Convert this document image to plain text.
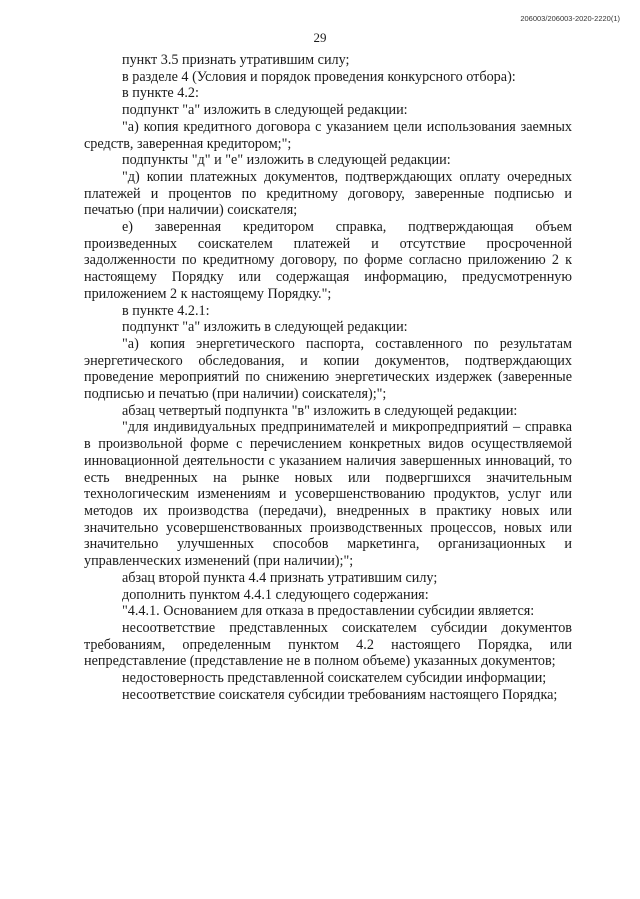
206003/206003-2020-2220(1)
29

пункт 3.5 признать утратившим силу;

в разделе 4 (Условия и порядок проведения конкурсного отбора):

в пункте 4.2:

подпункт "а" изложить в следующей редакции:

"а) копия кредитного договора с указанием цели использования заемных средств, заверенная кредитором;";

подпункты "д" и "е" изложить в следующей редакции:

"д) копии платежных документов, подтверждающих оплату очередных платежей и процентов по кредитному договору, заверенные подписью и печатью (при наличии) соискателя;

е) заверенная кредитором справка, подтверждающая объем произведенных соискателем платежей и отсутствие просроченной задолженности по кредитному договору, по форме согласно приложению 2 к настоящему Порядку или содержащая информацию, предусмотренную приложением 2 к настоящему Порядку.";

в пункте 4.2.1:

подпункт "а" изложить в следующей редакции:

"а) копия энергетического паспорта, составленного по результатам энергетического обследования, и копии документов, подтверждающих проведение мероприятий по снижению энергетических издержек (заверенные подписью и печатью (при наличии) соискателя);";

абзац четвертый подпункта "в" изложить в следующей редакции:

"для индивидуальных предпринимателей и микропредприятий – справка в произвольной форме с перечислением конкретных видов осуществляемой инновационной деятельности с указанием наличия завершенных инноваций, то есть внедренных на рынке новых или подвергшихся значительным технологическим изменениям и усовершенствованию продуктов, услуг или методов их производства (передачи), внедренных в практику новых или значительно усовершенствованных производственных процессов, новых или значительно улучшенных способов маркетинга, организационных и управленческих изменений (при наличии);";

абзац второй пункта 4.4 признать утратившим силу;

дополнить пунктом 4.4.1 следующего содержания:

"4.4.1. Основанием для отказа в предоставлении субсидии является:

несоответствие представленных соискателем субсидии документов требованиям, определенным пунктом 4.2 настоящего Порядка, или непредставление (представление не в полном объеме) указанных документов;

недостоверность представленной соискателем субсидии информации;

несоответствие соискателя субсидии требованиям настоящего Порядка;
